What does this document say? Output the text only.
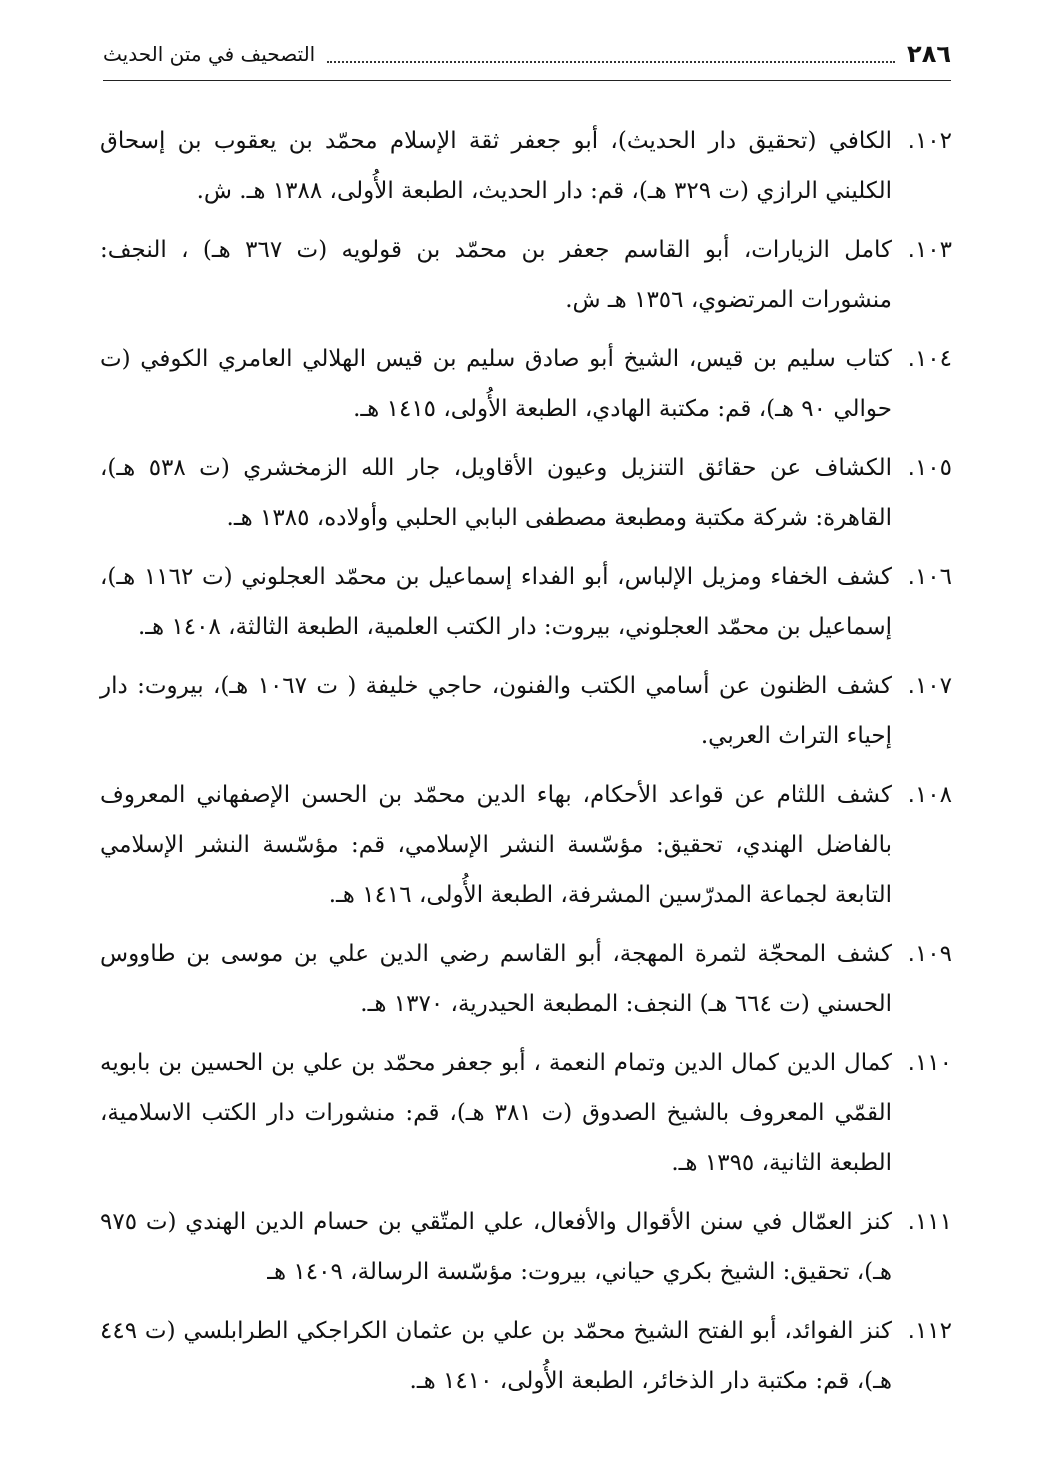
٢٨٦
التصحيف في متن الحديث
١٠٢.
الكافي (تحقيق دار الحديث)، أبو جعفر ثقة الإسلام محمّد بن يعقوب بن إسحاق الكليني الرازي (ت ٣٢٩ هـ)، قم: دار الحديث، الطبعة الأُولى، ١٣٨٨ هـ. ش.
١٠٣.
كامل الزيارات، أبو القاسم جعفر بن محمّد بن قولويه (ت ٣٦٧ هـ) ، النجف: منشورات المرتضوي، ١٣٥٦ هـ ش.
١٠٤.
كتاب سليم بن قيس، الشيخ أبو صادق سليم بن قيس الهلالي العامري الكوفي (ت حوالي ٩٠ هـ)، قم: مكتبة الهادي، الطبعة الأُولى، ١٤١٥ هـ.
١٠٥.
الكشاف عن حقائق التنزيل وعيون الأقاويل، جار الله الزمخشري (ت ٥٣٨ هـ)، القاهرة: شركة مكتبة ومطبعة مصطفى البابي الحلبي وأولاده، ١٣٨٥ هـ.
١٠٦.
كشف الخفاء ومزيل الإلباس، أبو الفداء إسماعيل بن محمّد العجلوني (ت ١١٦٢ هـ)، إسماعيل بن محمّد العجلوني، بيروت: دار الكتب العلمية، الطبعة الثالثة، ١٤٠٨ هـ.
١٠٧.
كشف الظنون عن أسامي الكتب والفنون، حاجي خليفة ( ت ١٠٦٧ هـ)، بيروت: دار إحياء التراث العربي.
١٠٨.
كشف اللثام عن قواعد الأحكام، بهاء الدين محمّد بن الحسن الإصفهاني المعروف بالفاضل الهندي، تحقيق: مؤسّسة النشر الإسلامي، قم: مؤسّسة النشر الإسلامي التابعة لجماعة المدرّسين المشرفة، الطبعة الأُولى، ١٤١٦ هـ.
١٠٩.
كشف المحجّة لثمرة المهجة، أبو القاسم رضي الدين علي بن موسى بن طاووس الحسني (ت ٦٦٤ هـ) النجف: المطبعة الحيدرية، ١٣٧٠ هـ.
١١٠.
كمال الدين كمال الدين وتمام النعمة ، أبو جعفر محمّد بن علي بن الحسين بن بابويه القمّي المعروف بالشيخ الصدوق (ت ٣٨١ هـ)، قم: منشورات دار الكتب الاسلامية، الطبعة الثانية، ١٣٩٥ هـ.
١١١.
كنز العمّال في سنن الأقوال والأفعال، علي المتّقي بن حسام الدين الهندي (ت ٩٧٥ هـ)، تحقيق: الشيخ بكري حياني، بيروت: مؤسّسة الرسالة، ١٤٠٩ هـ
١١٢.
كنز الفوائد، أبو الفتح الشيخ محمّد بن علي بن عثمان الكراجكي الطرابلسي (ت ٤٤٩ هـ)، قم: مكتبة دار الذخائر، الطبعة الأُولى، ١٤١٠ هـ.
